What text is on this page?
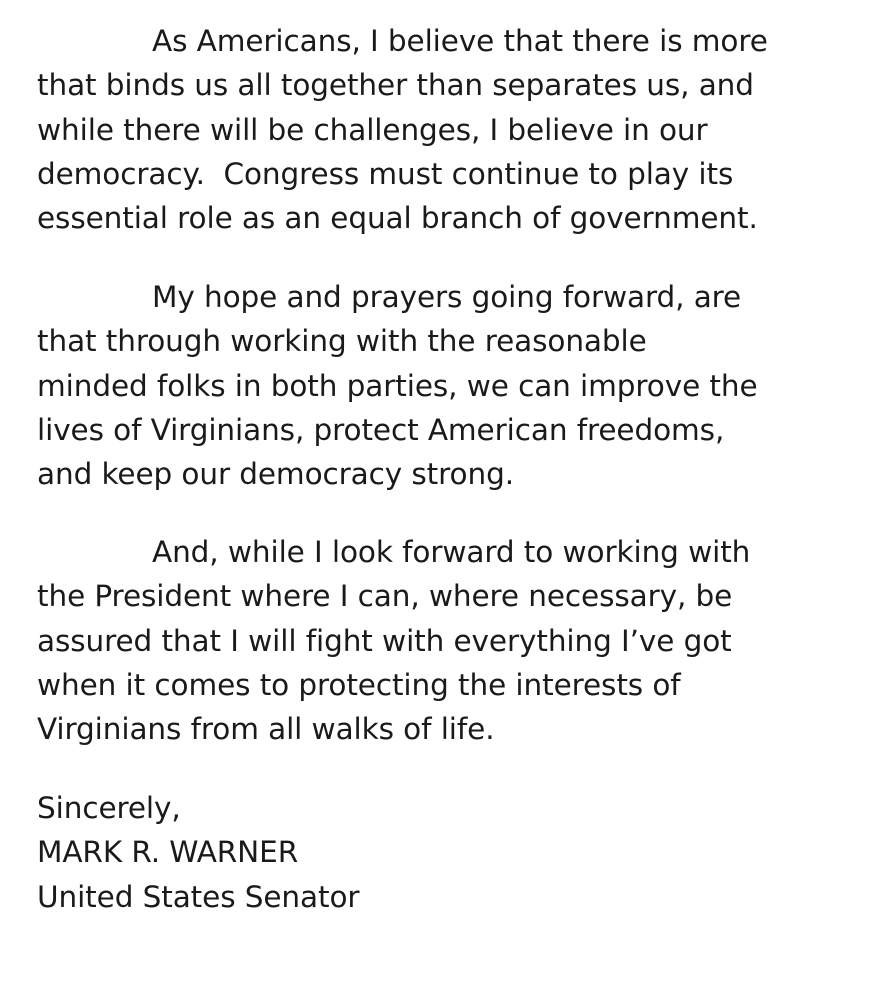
As Americans, I believe that there is more
that binds us all together than separates us, and
while there will be challenges, I believe in our
democracy.  Congress must continue to play its
essential role as an equal branch of government.
My hope and prayers going forward, are
that through working with the reasonable
minded folks in both parties, we can improve the
lives of Virginians, protect American freedoms,
and keep our democracy strong.
And, while I look forward to working with
the President where I can, where necessary, be
assured that I will fight with everything I’ve got
when it comes to protecting the interests of
Virginians from all walks of life.
Sincerely,
MARK R. WARNER
United States Senator
